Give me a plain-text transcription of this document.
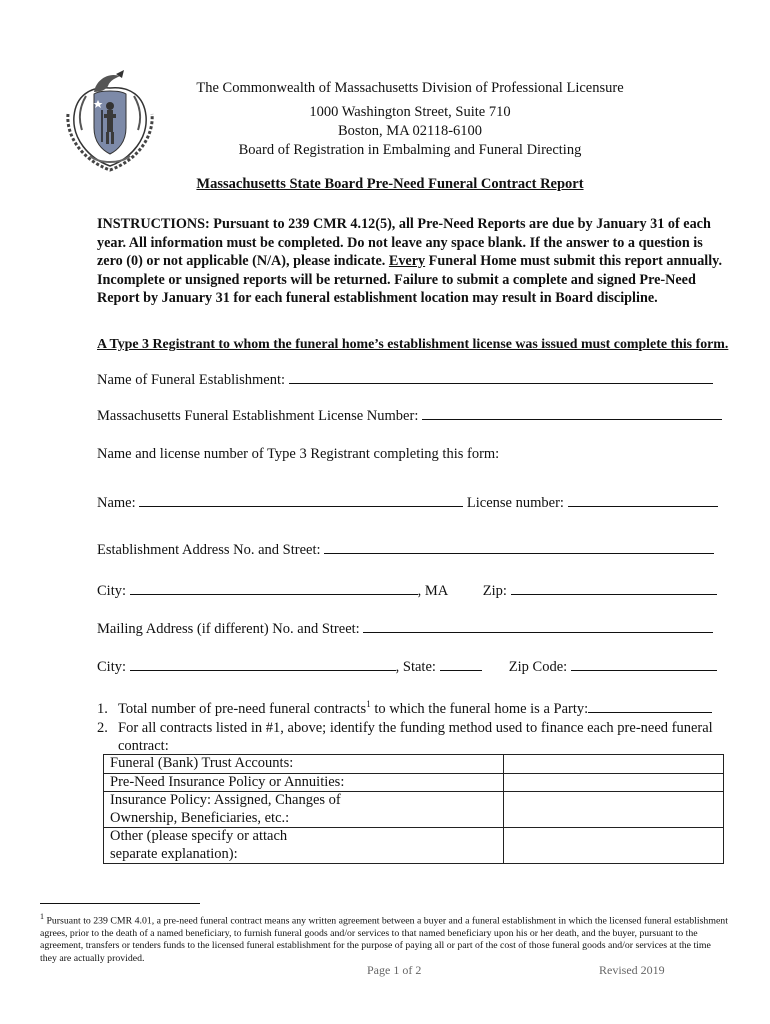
The Commonwealth of Massachusetts Division of Professional Licensure
1000 Washington Street, Suite 710
Boston, MA 02118-6100
Board of Registration in Embalming and Funeral Directing
Massachusetts State Board Pre-Need Funeral Contract Report
INSTRUCTIONS: Pursuant to 239 CMR 4.12(5), all Pre-Need Reports are due by January 31 of each year. All information must be completed. Do not leave any space blank. If the answer to a question is zero (0) or not applicable (N/A), please indicate. Every Funeral Home must submit this report annually. Incomplete or unsigned reports will be returned. Failure to submit a complete and signed Pre-Need Report by January 31 for each funeral establishment location may result in Board discipline.
A Type 3 Registrant to whom the funeral home’s establishment license was issued must complete this form.
Name of Funeral Establishment:
Massachusetts Funeral Establishment License Number:
Name and license number of Type 3 Registrant completing this form:
Name:	License number:
Establishment Address No. and Street:
City:	, MA Zip:
Mailing Address (if different) No. and Street:
City:	, State:	Zip Code:
1. Total number of pre-need funeral contracts$^1$ to which the funeral home is a Party:
2. For all contracts listed in #1, above; identify the funding method used to finance each pre-need funeral
contract:
Funeral (Bank) Trust Accounts:	
Pre-Need Insurance Policy or Annuities:	
Insurance Policy: Assigned, Changes of Ownership, Beneficiaries, etc.:	
Other (please specify or attach separate explanation):	
$^1$ Pursuant to 239 CMR 4.01, a pre-need funeral contract means any written agreement between a buyer and a funeral establishment in which the licensed funeral establishment agrees, prior to the death of a named beneficiary, to furnish funeral goods and/or services to that named beneficiary upon his or her death, and the buyer, pursuant to the agreement, transfers or tenders funds to the licensed funeral establishment for the purpose of paying all or part of the cost of those funeral goods and/or services at the time they are actually provided.
Page 1 of 2	Revised 2019
